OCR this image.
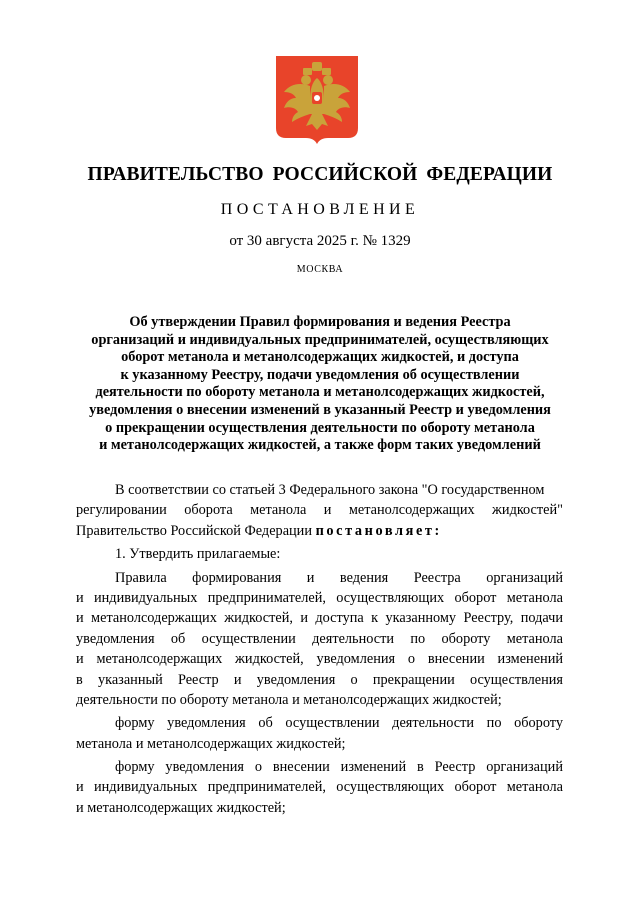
ПРАВИТЕЛЬСТВО РОССИЙСКОЙ ФЕДЕРАЦИИ
ПОСТАНОВЛЕНИЕ
от 30 августа 2025 г. № 1329
МОСКВА
Об утверждении Правил формирования и ведения Реестра
организаций и индивидуальных предпринимателей, осуществляющих
оборот метанола и метанолсодержащих жидкостей, и доступа
к указанному Реестру, подачи уведомления об осуществлении
деятельности по обороту метанола и метанолсодержащих жидкостей,
уведомления о внесении изменений в указанный Реестр и уведомления
о прекращении осуществления деятельности по обороту метанола
и метанолсодержащих жидкостей, а также форм таких уведомлений
В соответствии со статьей 3 Федерального закона "О государственном
регулировании оборота метанола и метанолсодержащих жидкостей"
Правительство Российской Федерации постановляет:
1. Утвердить прилагаемые:
Правила формирования и ведения Реестра организаций
и индивидуальных предпринимателей, осуществляющих оборот метанола
и метанолсодержащих жидкостей, и доступа к указанному Реестру, подачи
уведомления об осуществлении деятельности по обороту метанола
и метанолсодержащих жидкостей, уведомления о внесении изменений
в указанный Реестр и уведомления о прекращении осуществления
деятельности по обороту метанола и метанолсодержащих жидкостей;
форму уведомления об осуществлении деятельности по обороту
метанола и метанолсодержащих жидкостей;
форму уведомления о внесении изменений в Реестр организаций
и индивидуальных предпринимателей, осуществляющих оборот метанола
и метанолсодержащих жидкостей;
